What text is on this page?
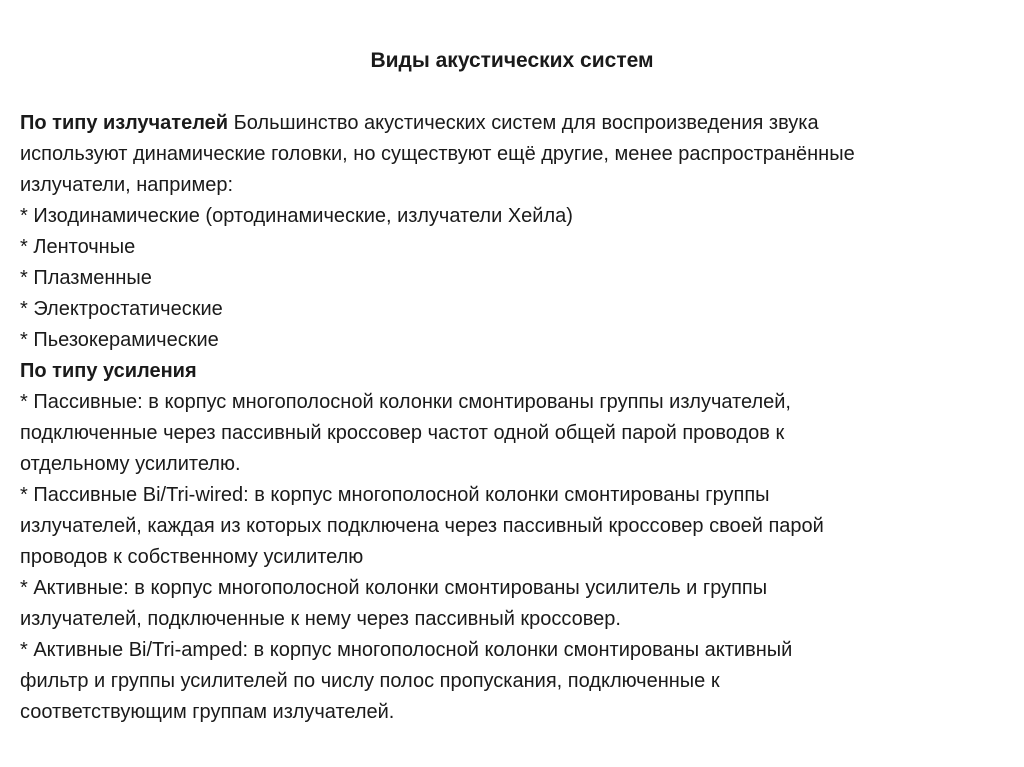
Виды акустических систем

По типу излучателей Большинство акустических систем для воспроизведения звука

используют динамические головки, но существуют ещё другие, менее распространённые

излучатели, например:

* Изодинамические (ортодинамические, излучатели Хейла)

* Ленточные

* Плазменные

* Электростатические

* Пьезокерамические

По типу усиления

* Пассивные: в корпус многополосной колонки смонтированы группы излучателей,

подключенные через пассивный кроссовер частот одной общей парой проводов к

отдельному усилителю.

* Пассивные Bi/Tri-wired: в корпус многополосной колонки смонтированы группы

излучателей, каждая из которых подключена через пассивный кроссовер своей парой

проводов к собственному усилителю

* Активные: в корпус многополосной колонки смонтированы усилитель и группы

излучателей, подключенные к нему через пассивный кроссовер.

* Активные Bi/Tri-amped: в корпус многополосной колонки смонтированы активный

фильтр и группы усилителей по числу полос пропускания, подключенные к

соответствующим группам излучателей.
